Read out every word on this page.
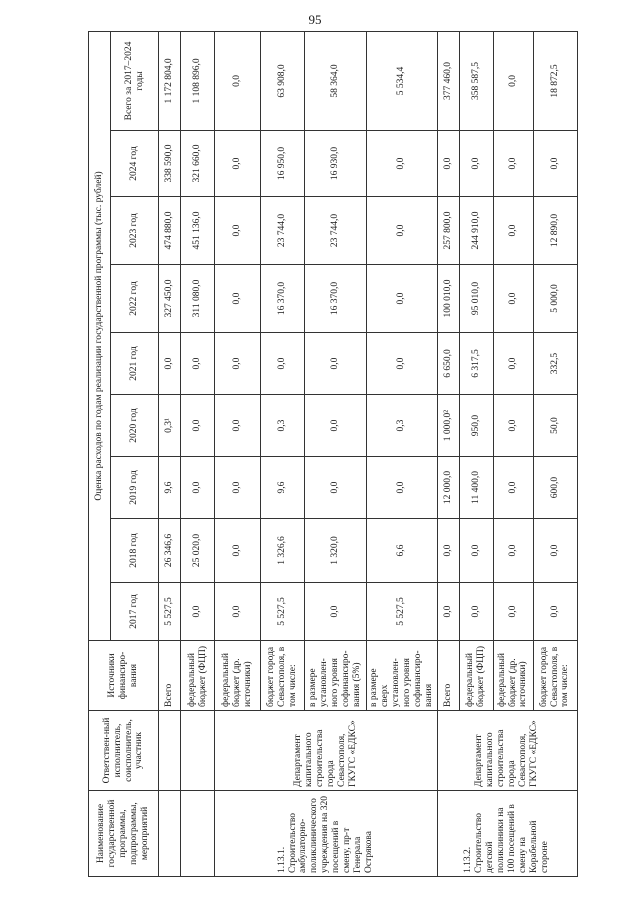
95
Наименование государственной программы, подпрограммы, мероприятий	Ответствен-ный исполнитель, соисполнитель, участник	Источники финансиро-вания	Оценка расходов по годам реализации государственной программы (тыс. рублей)								
			2017 год	2018 год	2019 год	2020 год	2021 год	2022 год	2023 год	2024 год	Всего за 2017–2024 годы
		Всего	5 527,5	26 346,6	9,6	0,3¹	0,0	327 450,0	474 880,0	338 590,0	1 172 804,0
		федеральный бюджет (ФЦП)	0,0	25 020,0	0,0	0,0	0,0	311 080,0	451 136,0	321 660,0	1 108 896,0
1.13.1. Строительство амбулаторно-поликлинического учреждения на 320 посещений в смену, пр-т Генерала Острякова	Департамент капитального строительства города Севастополя, ГКУГС «ЕДКС»	федеральный бюджет (др. источники)	0,0	0,0	0,0	0,0	0,0	0,0	0,0	0,0	0,0
		бюджет города Севастополя, в том числе:	5 527,5	1 326,6	9,6	0,3	0,0	16 370,0	23 744,0	16 950,0	63 908,0
		в размере установлен-ного уровня софинансиро-вания (5%)	0,0	1 320,0	0,0	0,0	0,0	16 370,0	23 744,0	16 930,0	58 364,0
		в размере сверх установлен-ного уровня софинансиро-вания	5 527,5	6,6	0,0	0,3	0,0	0,0	0,0	0,0	5 534,4
1.13.2. Строительство детской поликлиники на 100 посещений в смену на Корабельной стороне	Департамент капитального строительства города Севастополя, ГКУГС «ЕДКС»	Всего	0,0	0,0	12 000,0	1 000,0²	6 650,0	100 010,0	257 800,0	0,0	377 460,0
		федеральный бюджет (ФЦП)	0,0	0,0	11 400,0	950,0	6 317,5	95 010,0	244 910,0	0,0	358 587,5
		федеральный бюджет (др. источники)	0,0	0,0	0,0	0,0	0,0	0,0	0,0	0,0	0,0
		бюджет города Севастополя, в том числе:	0,0	0,0	600,0	50,0	332,5	5 000,0	12 890,0	0,0	18 872,5
